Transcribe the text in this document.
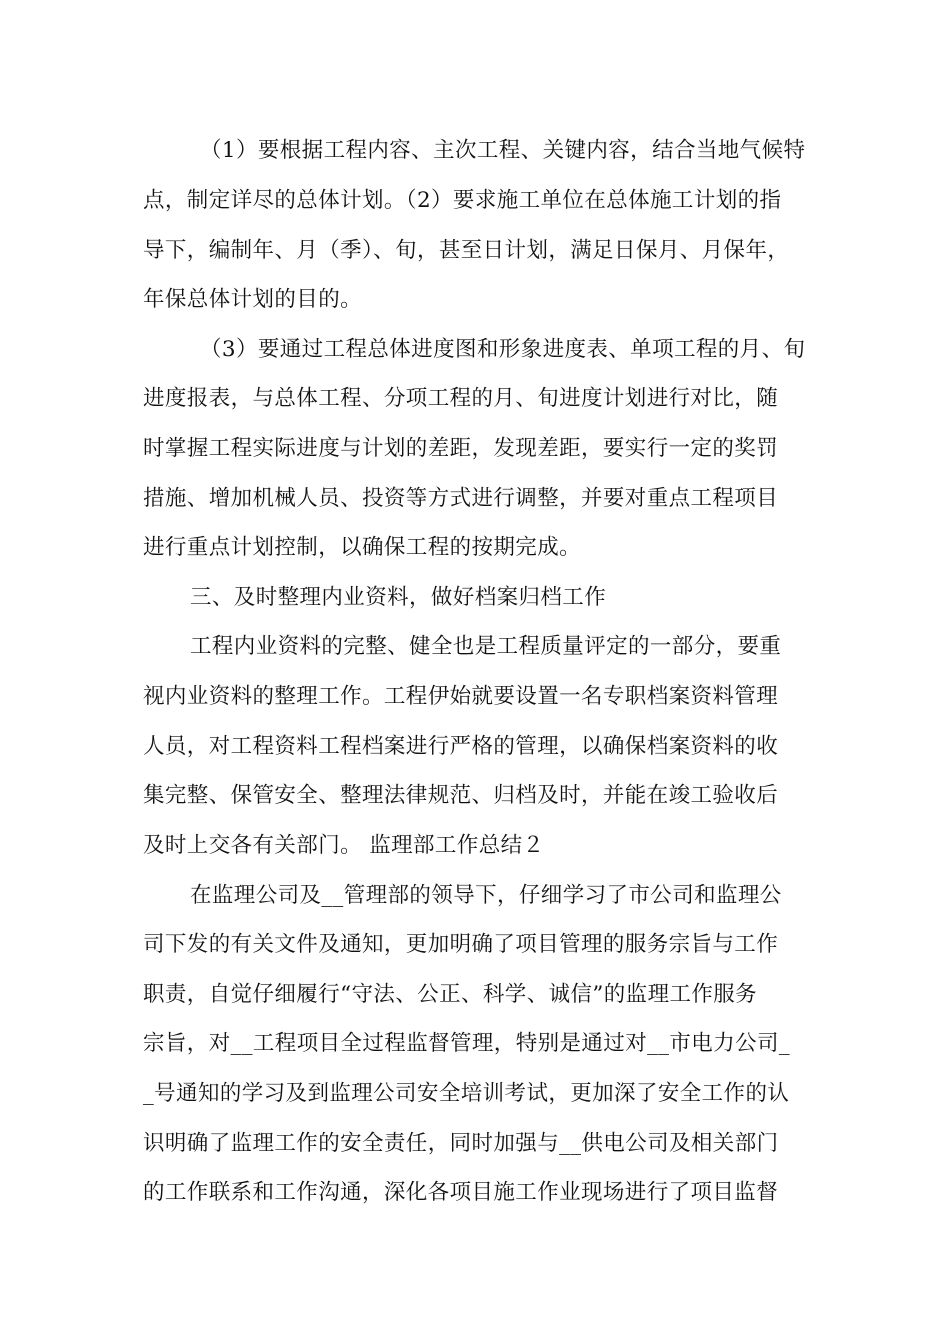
（1）要根据工程内容、主次工程、关键内容，结合当地气候特
点，制定详尽的总体计划。（2）要求施工单位在总体施工计划的指
导下，编制年、月（季）、旬，甚至日计划，满足日保月、月保年，
年保总体计划的目的。
（3）要通过工程总体进度图和形象进度表、单项工程的月、旬
进度报表，与总体工程、分项工程的月、旬进度计划进行对比，随
时掌握工程实际进度与计划的差距，发现差距，要实行一定的奖罚
措施、增加机械人员、投资等方式进行调整，并要对重点工程项目
进行重点计划控制，以确保工程的按期完成。
三、及时整理内业资料，做好档案归档工作
工程内业资料的完整、健全也是工程质量评定的一部分，要重
视内业资料的整理工作。工程伊始就要设置一名专职档案资料管理
人员，对工程资料工程档案进行严格的管理，以确保档案资料的收
集完整、保管安全、整理法律规范、归档及时，并能在竣工验收后
及时上交各有关部门。 监理部工作总结２
在监理公司及__管理部的领导下，仔细学习了市公司和监理公
司下发的有关文件及通知，更加明确了项目管理的服务宗旨与工作
职责，自觉仔细履行“守法、公正、科学、诚信”的监理工作服务
宗旨，对__工程项目全过程监督管理，特别是通过对__市电力公司_
_号通知的学习及到监理公司安全培训考试，更加深了安全工作的认
识明确了监理工作的安全责任，同时加强与__供电公司及相关部门
的工作联系和工作沟通，深化各项目施工作业现场进行了项目监督
